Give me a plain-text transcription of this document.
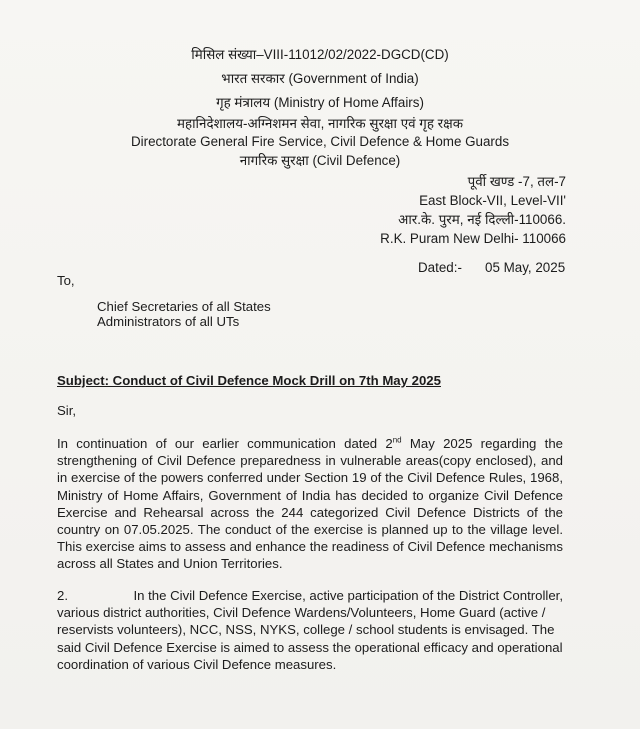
मिसिल संख्या–VIII-11012/02/2022-DGCD(CD)
भारत सरकार (Government of India)
गृह मंत्रालय (Ministry of Home Affairs)
महानिदेशालय-अग्निशमन सेवा, नागरिक सुरक्षा एवं गृह रक्षक
Directorate General Fire Service, Civil Defence & Home Guards
नागरिक सुरक्षा (Civil Defence)
पूर्वी खण्ड -7, तल-7
East Block-VII, Level-VII'
आर.के. पुरम, नई दिल्ली-110066.
R.K. Puram New Delhi- 110066
Dated:- 05 May, 2025
To,
Chief Secretaries of all States
Administrators of all UTs
Subject: Conduct of Civil Defence Mock Drill on 7th May 2025
Sir,
In continuation of our earlier communication dated 2nd May 2025 regarding the strengthening of Civil Defence preparedness in vulnerable areas(copy enclosed), and in exercise of the powers conferred under Section 19 of the Civil Defence Rules, 1968, Ministry of Home Affairs, Government of India has decided to organize Civil Defence Exercise and Rehearsal across the 244 categorized Civil Defence Districts of the country on 07.05.2025. The conduct of the exercise is planned up to the village level. This exercise aims to assess and enhance the readiness of Civil Defence mechanisms across all States and Union Territories.
2.	In the Civil Defence Exercise, active participation of the District Controller,
various district authorities, Civil Defence Wardens/Volunteers, Home Guard (active /
reservists volunteers), NCC, NSS, NYKS, college / school students is envisaged. The
said Civil Defence Exercise is aimed to assess the operational efficacy and operational
coordination of various Civil Defence measures.
